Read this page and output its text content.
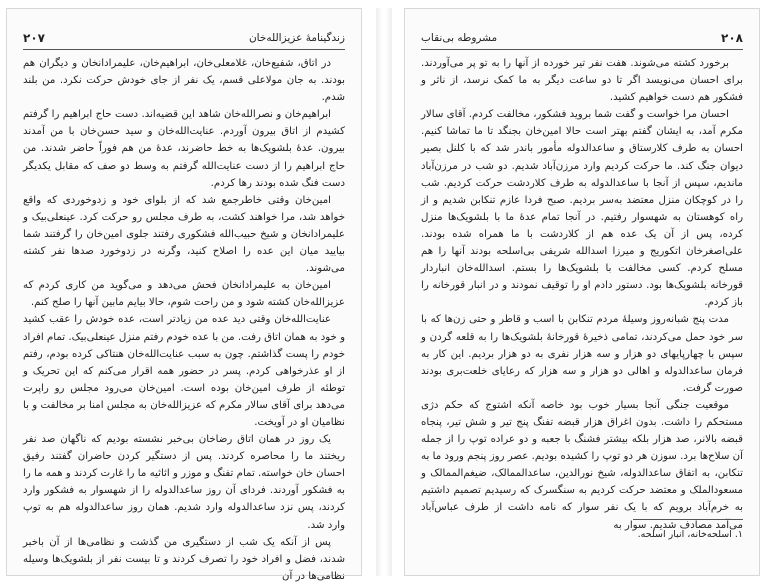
زندگینامهٔ عزیزالله‌خان
۲۰۷

در اتاق، شفیع‌خان، غلامعلی‌خان، ابراهیم‌خان، علیمرادانخان و دیگران هم بودند. به جان مولاعلی قسم، یک نفر از جای خودش حرکت نکرد. من بلند شدم.

ابراهیم‌خان و نصرالله‌خان شاهد این قضیه‌اند. دست حاج ابراهیم را گرفتم کشیدم از اتاق بیرون آوردم. عنایت‌الله‌خان و سید حسن‌خان با من آمدند بیرون. عدهٔ بلشویک‌ها به خط حاضرند، عدهٔ من هم فوراً حاضر شدند. من حاج ابراهیم را از دست عنایت‌الله گرفتم به وسط دو صف که مقابل یکدیگر دست فنگ شده بودند رها کردم.

امین‌خان وقتی خاطرجمع شد که از بلوای خود و زدوخوردی که واقع خواهد شد، مرا خواهند کشت، به طرف مجلس رو حرکت کرد. عینعلی‌بیک و علیمرادانخان و شیخ حبیب‌الله فشکوری رفتند جلوی امین‌خان را گرفتند شما بیایید میان این عده را اصلاح کنید، وگرنه در زدوخورد صدها نفر کشته می‌شوند.

امین‌خان به علیمرادانخان فحش می‌دهد و می‌گوید من کاری کردم که عزیزالله‌خان کشته شود و من راحت شوم، حالا بیایم مابین آنها را صلح کنم.

عنایت‌الله‌خان وقتی دید عده من زیادتر است، عده خودش را عقب کشید و خود به همان اتاق رفت. من با عده خودم رفتم منزل عینعلی‌بیک. تمام افراد خودم را پست گذاشتم. چون به سبب عنایت‌الله‌خان هنتاکی کرده بودم، رفتم از او عذرخواهی کردم. پسر در حضور همه اقرار می‌کنم که این تحریک و توطئه از طرف امین‌خان بوده است. امین‌خان می‌رود مجلس رو راپرت می‌دهد برای آقای سالار مکرم که عزیزالله‌خان به مجلس امنا بر مخالفت و با نظامیان او در آویخت.

یک روز در همان اتاق رضاخان بی‌خبر نشسته بودیم که ناگهان صد نفر ریختند ما را محاصره کردند. پس از دستگیر کردن حاضران گفتند رفیق احسان خان خواسته. تمام تفنگ و موزر و اثاثیه ما را غارت کردند و همه ما را به فشکور آوردند. فردای آن روز ساعدالدوله را از شهسوار به فشکور وارد کردند، پس نزد ساعدالدوله وارد شدیم. همان روز ساعدالدوله هم به توپ وارد شد.

پس از آنکه یک شب از دستگیری من گذشت و نظامی‌ها از آن باخبر شدند، فضل و افراد خود را تصرف کردند و تا بیست نفر از بلشویک‌ها وسیله نظامی‌ها در آن

۲۰۸
مشروطه بی‌نقاب

برخورد کشته می‌شوند. هفت نفر تیر خورده از آنها را به تو پر می‌آوردند. برای احسان می‌نویسد اگر تا دو ساعت دیگر به ما کمک نرسد، از ناثر و فشکور هم دست خواهیم کشید.

احسان مرا خواست و گفت شما بروید فشکور، مخالفت کردم. آقای سالار مکرم آمد، به ایشان گفتم بهتر است حالا امین‌خان بجنگد تا ما تماشا کنیم. احسان به طرف کلارستاق و ساعدالدوله مأمور باندر شد که با کلنل بصیر دیوان جنگ کند. ما حرکت کردیم وارد مرزن‌آباد شدیم. دو شب در مرزن‌آباد ماندیم، سپس از آنجا با ساعدالدوله به طرف کلاردشت حرکت کردیم. شب را در کوچکان منزل معتضد به‌سر بردیم. صبح فردا عازم تنکابن شدیم و از راه کوهستان به شهسوار رفتیم. در آنجا تمام عدهٔ ما با بلشویک‌ها منزل کرده، پس از آن یک عده هم از کلاردشت با ما همراه شده بودند. علی‌اصغرخان اتکوریج و میرزا اسدالله شریفی بی‌اسلحه بودند آنها را هم مسلح کردم. کسی مخالفت با بلشویک‌ها را بستم. اسدالله‌خان انباردار قورخانه بلشویک‌ها بود. دستور دادم او را توقیف نمودند و در انبار قورخانه را باز کردم.

مدت پنج شبانه‌روز وسیلهٔ مردم تنکابن با اسب و قاطر و حتی زن‌ها که با سر خود حمل می‌کردند، تمامی ذخیرهٔ قورخانهٔ بلشویک‌ها را به قلعه گردن و سپس با چهارپایهای دو هزار و سه هزار نفری به دو هزار بردیم. این کار به فرمان ساعدالدوله و اهالی دو هزار و سه هزار که رعایای خلعت‌بری بودند صورت گرفت.

موقعیت جنگی آنجا بسیار خوب بود خاصه آنکه اشتوج که حکم دژی مستحکم را داشت. بدون اغراق هزار قبضه تفنگ پنج تیر و شش تیر، پنجاه قبضه بالانر، صد هزار بلکه بیشتر فشنگ با جعبه و دو عراده توپ را از جمله آن سلاح‌ها برد. سوزن هر دو توپ را کشیده بودیم. عصر روز پنجم ورود ما به تنکابن، به اتفاق ساعدالدوله، شیخ نورالدین، ساعدالممالک، ضیغم‌الممالک و مسعودالملک و معتضد حرکت کردیم به سنگسرک که رسیدیم تصمیم داشتیم به خرم‌آباد برویم که با یک نفر سوار که نامه داشت از طرف عباس‌آباد می‌آمد مصادف شدیم. سوار به

۱. اسلحه‌خانه، انبار اسلحه.
